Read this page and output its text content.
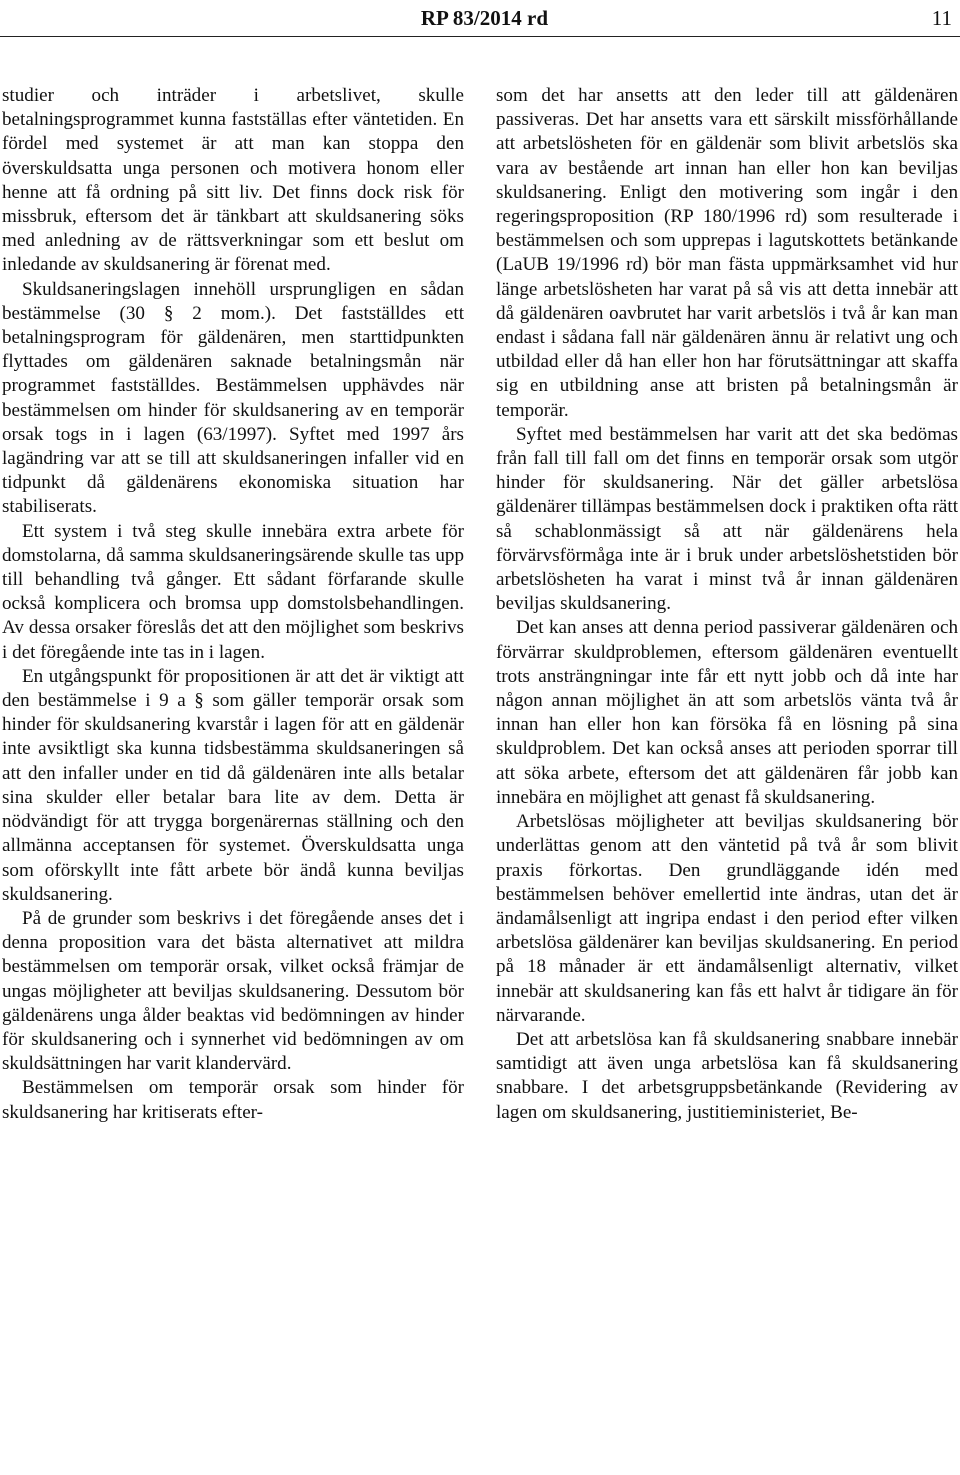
RP 83/2014 rd	11

studier och inträder i arbetslivet, skulle betalningsprogrammet kunna fastställas efter väntetiden. En fördel med systemet är att man kan stoppa den överskuldsatta unga personen och motivera honom eller henne att få ordning på sitt liv. Det finns dock risk för missbruk, eftersom det är tänkbart att skuldsanering söks med anledning av de rättsverkningar som ett beslut om inledande av skuldsanering är förenat med.

Skuldsaneringslagen innehöll ursprungligen en sådan bestämmelse (30 § 2 mom.). Det fastställdes ett betalningsprogram för gäldenären, men starttidpunkten flyttades om gäldenären saknade betalningsmån när programmet fastställdes. Bestämmelsen upphävdes när bestämmelsen om hinder för skuldsanering av en temporär orsak togs in i lagen (63/1997). Syftet med 1997 års lagändring var att se till att skuldsaneringen infaller vid en tidpunkt då gäldenärens ekonomiska situation har stabiliserats.

Ett system i två steg skulle innebära extra arbete för domstolarna, då samma skuldsaneringsärende skulle tas upp till behandling två gånger. Ett sådant förfarande skulle också komplicera och bromsa upp domstolsbehandlingen. Av dessa orsaker föreslås det att den möjlighet som beskrivs i det föregående inte tas in i lagen.

En utgångspunkt för propositionen är att det är viktigt att den bestämmelse i 9 a § som gäller temporär orsak som hinder för skuldsanering kvarstår i lagen för att en gäldenär inte avsiktligt ska kunna tidsbestämma skuldsaneringen så att den infaller under en tid då gäldenären inte alls betalar sina skulder eller betalar bara lite av dem. Detta är nödvändigt för att trygga borgenärernas ställning och den allmänna acceptansen för systemet. Överskuldsatta unga som oförskyllt inte fått arbete bör ändå kunna beviljas skuldsanering.

På de grunder som beskrivs i det föregående anses det i denna proposition vara det bästa alternativet att mildra bestämmelsen om temporär orsak, vilket också främjar de ungas möjligheter att beviljas skuldsanering. Dessutom bör gäldenärens unga ålder beaktas vid bedömningen av hinder för skuldsanering och i synnerhet vid bedömningen av om skuldsättningen har varit klandervärd.

Bestämmelsen om temporär orsak som hinder för skuldsanering har kritiserats efter-

som det har ansetts att den leder till att gäldenären passiveras. Det har ansetts vara ett särskilt missförhållande att arbetslösheten för en gäldenär som blivit arbetslös ska vara av bestående art innan han eller hon kan beviljas skuldsanering. Enligt den motivering som ingår i den regeringsproposition (RP 180/1996 rd) som resulterade i bestämmelsen och som upprepas i lagutskottets betänkande (LaUB 19/1996 rd) bör man fästa uppmärksamhet vid hur länge arbetslösheten har varat på så vis att detta innebär att då gäldenären oavbrutet har varit arbetslös i två år kan man endast i sådana fall när gäldenären ännu är relativt ung och utbildad eller då han eller hon har förutsättningar att skaffa sig en utbildning anse att bristen på betalningsmån är temporär.

Syftet med bestämmelsen har varit att det ska bedömas från fall till fall om det finns en temporär orsak som utgör hinder för skuldsanering. När det gäller arbetslösa gäldenärer tillämpas bestämmelsen dock i praktiken ofta rätt så schablonmässigt så att när gäldenärens hela förvärvsförmåga inte är i bruk under arbetslöshetstiden bör arbetslösheten ha varat i minst två år innan gäldenären beviljas skuldsanering.

Det kan anses att denna period passiverar gäldenären och förvärrar skuldproblemen, eftersom gäldenären eventuellt trots ansträngningar inte får ett nytt jobb och då inte har någon annan möjlighet än att som arbetslös vänta två år innan han eller hon kan försöka få en lösning på sina skuldproblem. Det kan också anses att perioden sporrar till att söka arbete, eftersom det att gäldenären får jobb kan innebära en möjlighet att genast få skuldsanering.

Arbetslösas möjligheter att beviljas skuldsanering bör underlättas genom att den väntetid på två år som blivit praxis förkortas. Den grundläggande idén med bestämmelsen behöver emellertid inte ändras, utan det är ändamålsenligt att ingripa endast i den period efter vilken arbetslösa gäldenärer kan beviljas skuldsanering. En period på 18 månader är ett ändamålsenligt alternativ, vilket innebär att skuldsanering kan fås ett halvt år tidigare än för närvarande.

Det att arbetslösa kan få skuldsanering snabbare innebär samtidigt att även unga arbetslösa kan få skuldsanering snabbare. I det arbetsgruppsbetänkande (Revidering av lagen om skuldsanering, justitieministeriet, Be-
